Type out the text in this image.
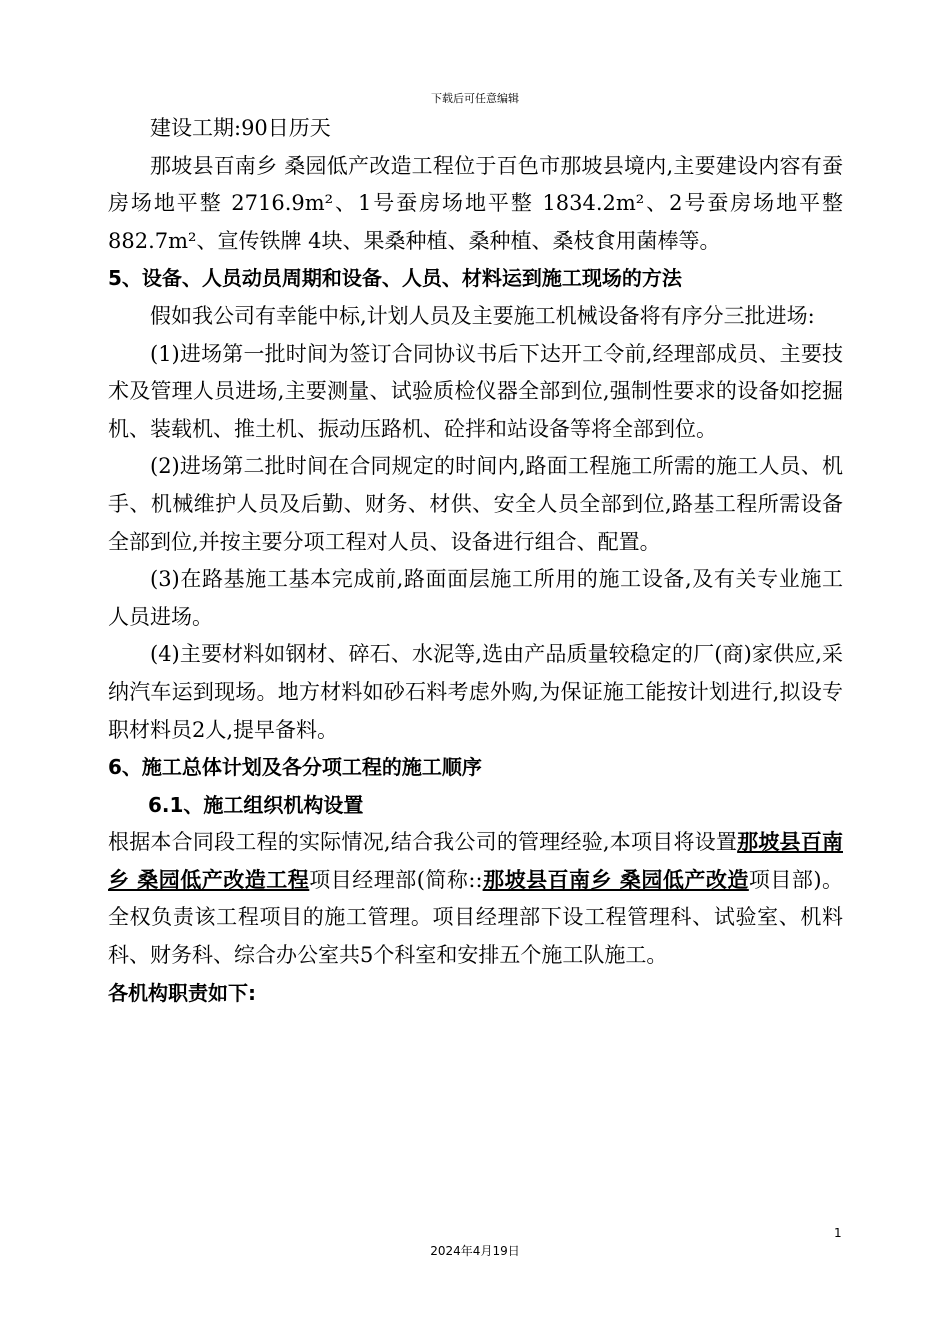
下载后可任意编辑

建设工期:90日历天

那坡县百南乡 桑园低产改造工程位于百色市那坡县境内,主要建设内容有蚕房场地平整 2716.9m²、1号蚕房场地平整 1834.2m²、2号蚕房场地平整 882.7m²、宣传铁牌 4块、果桑种植、桑种植、桑枝食用菌棒等。

5、设备、人员动员周期和设备、人员、材料运到施工现场的方法

假如我公司有幸能中标,计划人员及主要施工机械设备将有序分三批进场:

(1)进场第一批时间为签订合同协议书后下达开工令前,经理部成员、主要技术及管理人员进场,主要测量、试验质检仪器全部到位,强制性要求的设备如挖掘机、装载机、推土机、振动压路机、砼拌和站设备等将全部到位。

(2)进场第二批时间在合同规定的时间内,路面工程施工所需的施工人员、机手、机械维护人员及后勤、财务、材供、安全人员全部到位,路基工程所需设备全部到位,并按主要分项工程对人员、设备进行组合、配置。

(3)在路基施工基本完成前,路面面层施工所用的施工设备,及有关专业施工人员进场。

(4)主要材料如钢材、碎石、水泥等,选由产品质量较稳定的厂(商)家供应,采纳汽车运到现场。地方材料如砂石料考虑外购,为保证施工能按计划进行,拟设专职材料员2人,提早备料。

6、施工总体计划及各分项工程的施工顺序

6.1、施工组织机构设置

根据本合同段工程的实际情况,结合我公司的管理经验,本项目将设置那坡县百南乡 桑园低产改造工程项目经理部(简称::那坡县百南乡 桑园低产改造项目部)。全权负责该工程项目的施工管理。项目经理部下设工程管理科、试验室、机料科、财务科、综合办公室共5个科室和安排五个施工队施工。

各机构职责如下:

1
2024年4月19日
